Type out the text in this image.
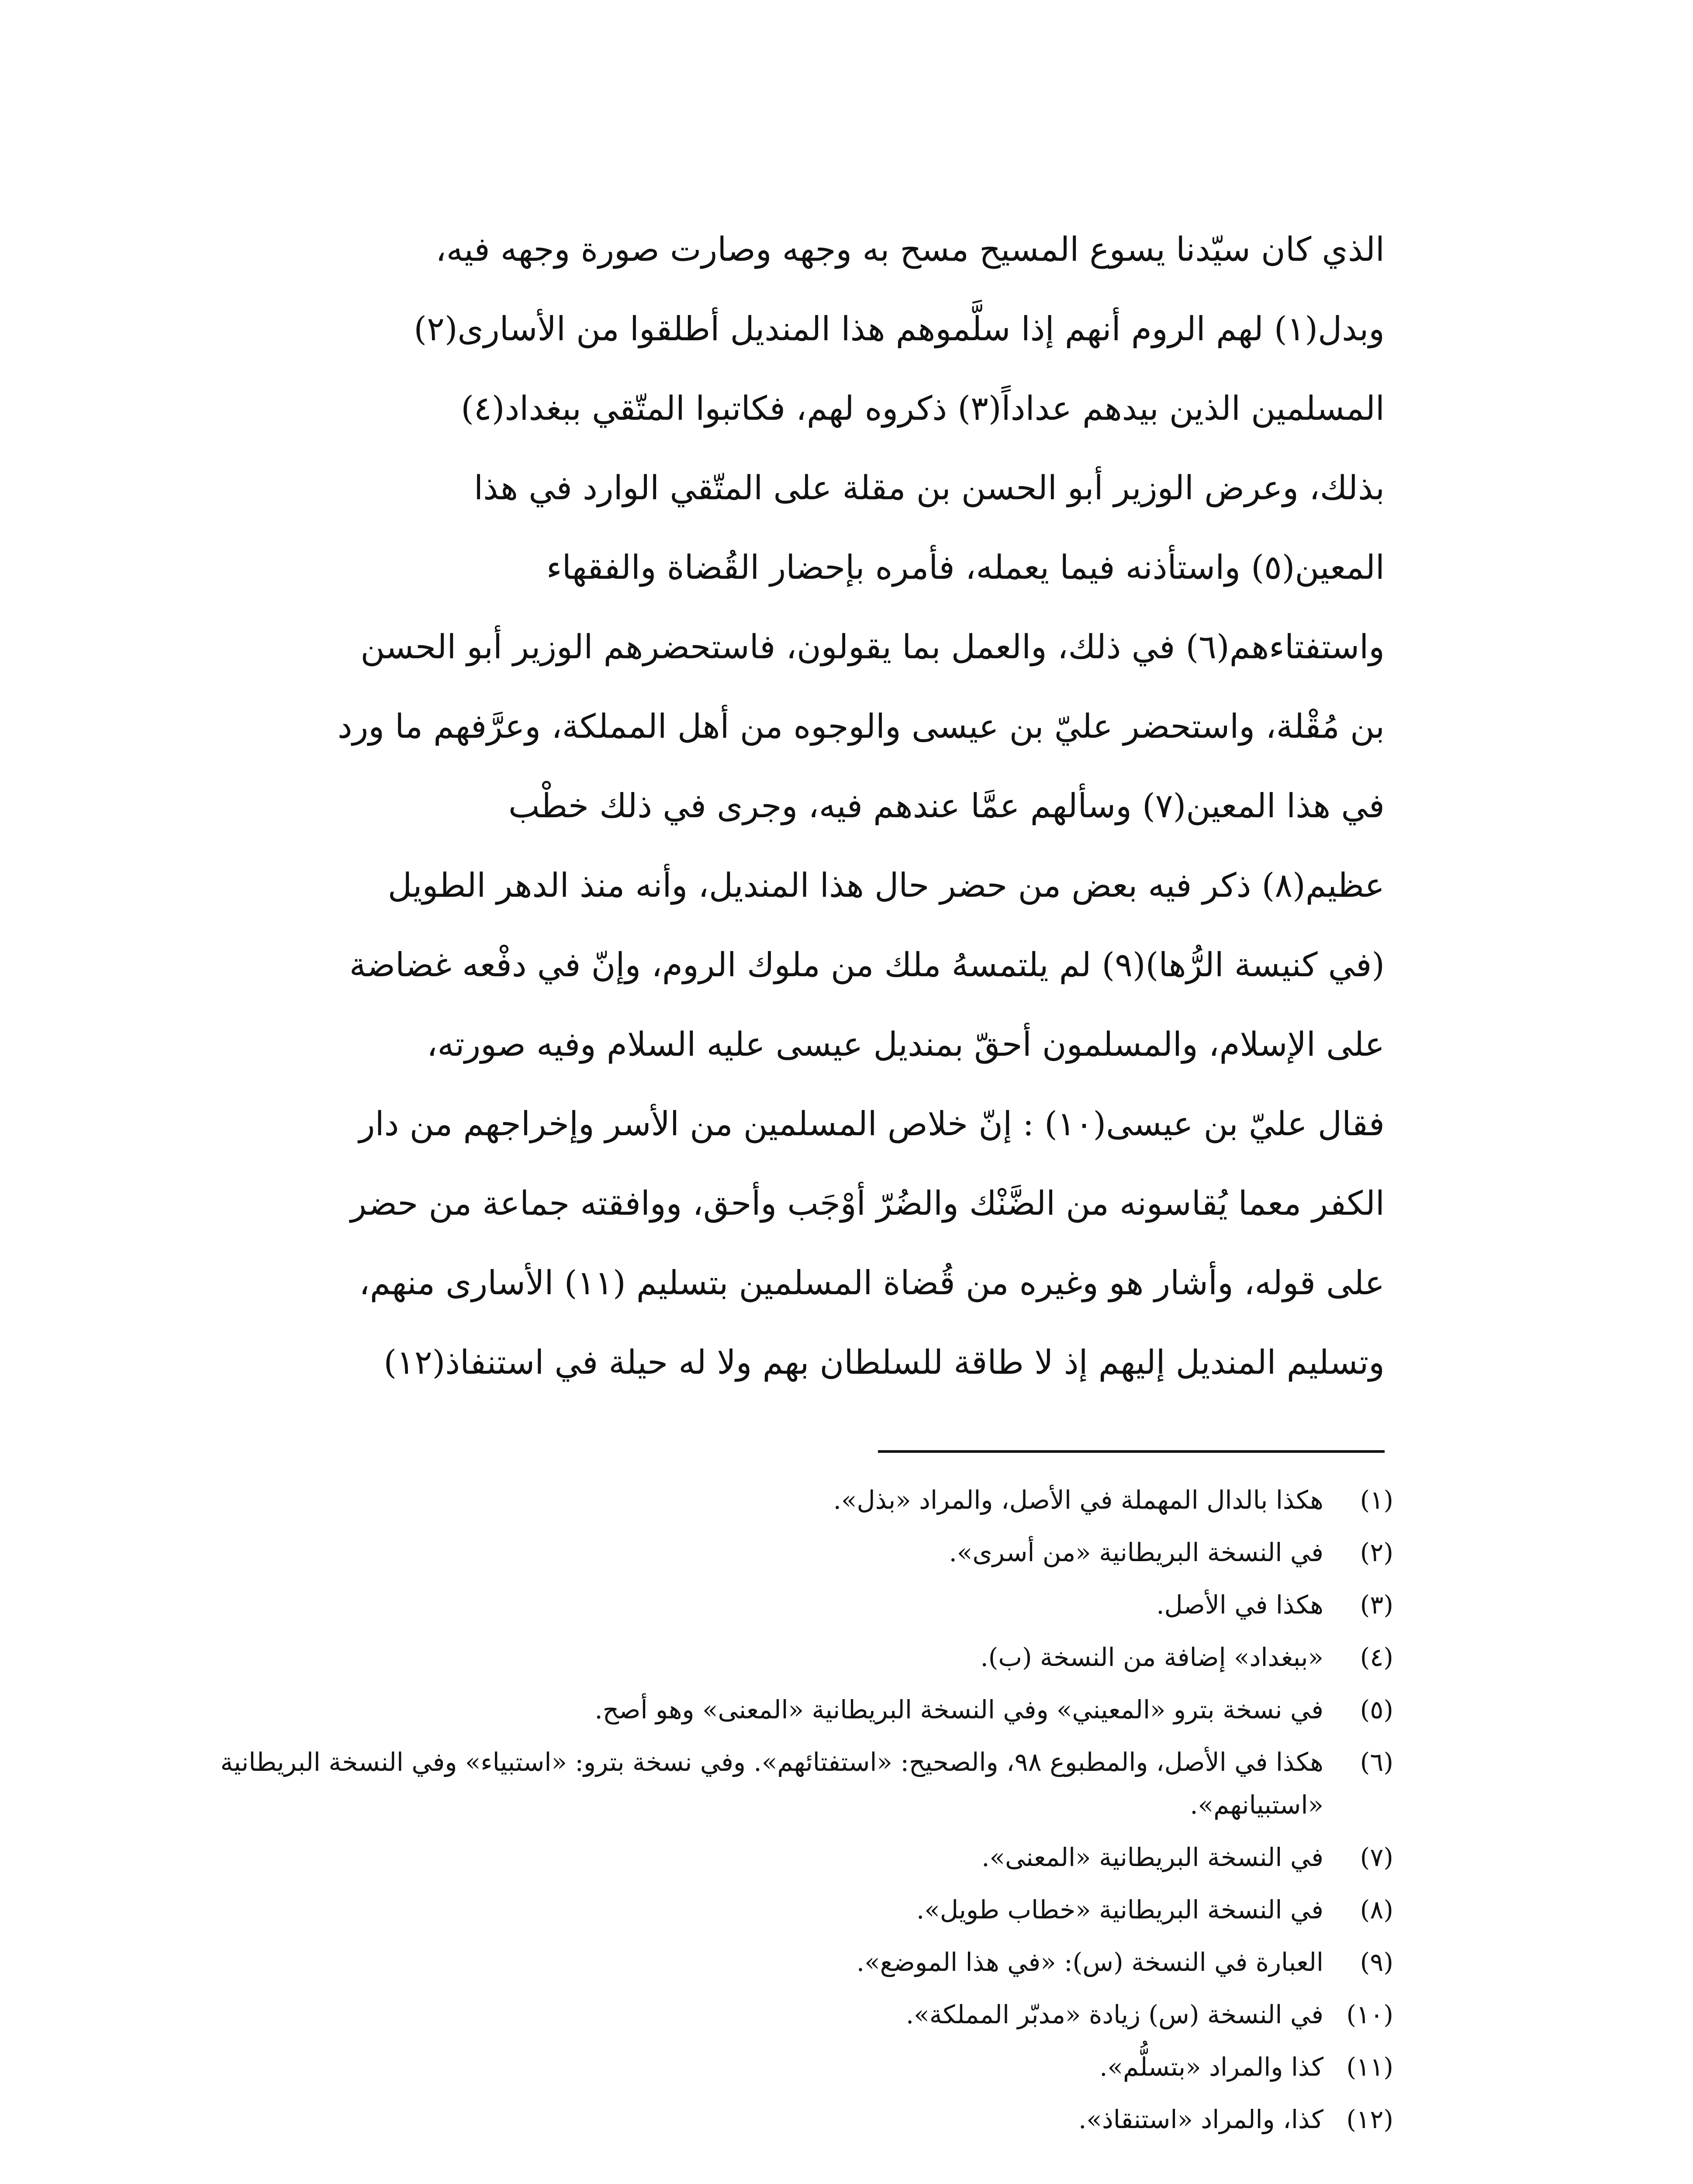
الذي كان سيّدنا يسوع المسيح مسح به وجهه وصارت صورة وجهه فيه،
وبدل(١) لهم الروم أنهم إذا سلَّموهم هذا المنديل أطلقوا من الأسارى(٢)
المسلمين الذين بيدهم عداداً(٣) ذكروه لهم، فكاتبوا المتّقي ببغداد(٤)
بذلك، وعرض الوزير أبو الحسن بن مقلة على المتّقي الوارد في هذا
المعين(٥) واستأذنه فيما يعمله، فأمره بإحضار القُضاة والفقهاء
واستفتاءهم(٦) في ذلك، والعمل بما يقولون، فاستحضرهم الوزير أبو الحسن
بن مُقْلة، واستحضر عليّ بن عيسى والوجوه من أهل المملكة، وعرَّفهم ما ورد
في هذا المعين(٧) وسألهم عمَّا عندهم فيه، وجرى في ذلك خطْب
عظيم(٨) ذكر فيه بعض من حضر حال هذا المنديل، وأنه منذ الدهر الطويل
(في كنيسة الرُّها)(٩) لم يلتمسهُ ملك من ملوك الروم، وإنّ في دفْعه غضاضة
على الإسلام، والمسلمون أحقّ بمنديل عيسى عليه السلام وفيه صورته،
فقال عليّ بن عيسى(١٠) : إنّ خلاص المسلمين من الأسر وإخراجهم من دار
الكفر معما يُقاسونه من الضَّنْك والضُرّ أوْجَب وأحق، ووافقته جماعة من حضر
على قوله، وأشار هو وغيره من قُضاة المسلمين بتسليم (١١) الأسارى منهم،
وتسليم المنديل إليهم إذ لا طاقة للسلطان بهم ولا له حيلة في استنفاذ(١٢)
(١)
هكذا بالدال المهملة في الأصل، والمراد «بذل».
(٢)
في النسخة البريطانية «من أسرى».
(٣)
هكذا في الأصل.
(٤)
«ببغداد» إضافة من النسخة (ب).
(٥)
في نسخة بترو «المعيني» وفي النسخة البريطانية «المعنى» وهو أصح.
(٦)
هكذا في الأصل، والمطبوع ٩٨، والصحيح: «استفتائهم». وفي نسخة بترو: «استبياء» وفي النسخة البريطانية «استبيانهم».
(٧)
في النسخة البريطانية «المعنى».
(٨)
في النسخة البريطانية «خطاب طويل».
(٩)
العبارة في النسخة (س): «في هذا الموضع».
(١٠)
في النسخة (س) زيادة «مدبّر المملكة».
(١١)
كذا والمراد «بتسلُّم».
(١٢)
كذا، والمراد «استنقاذ».
